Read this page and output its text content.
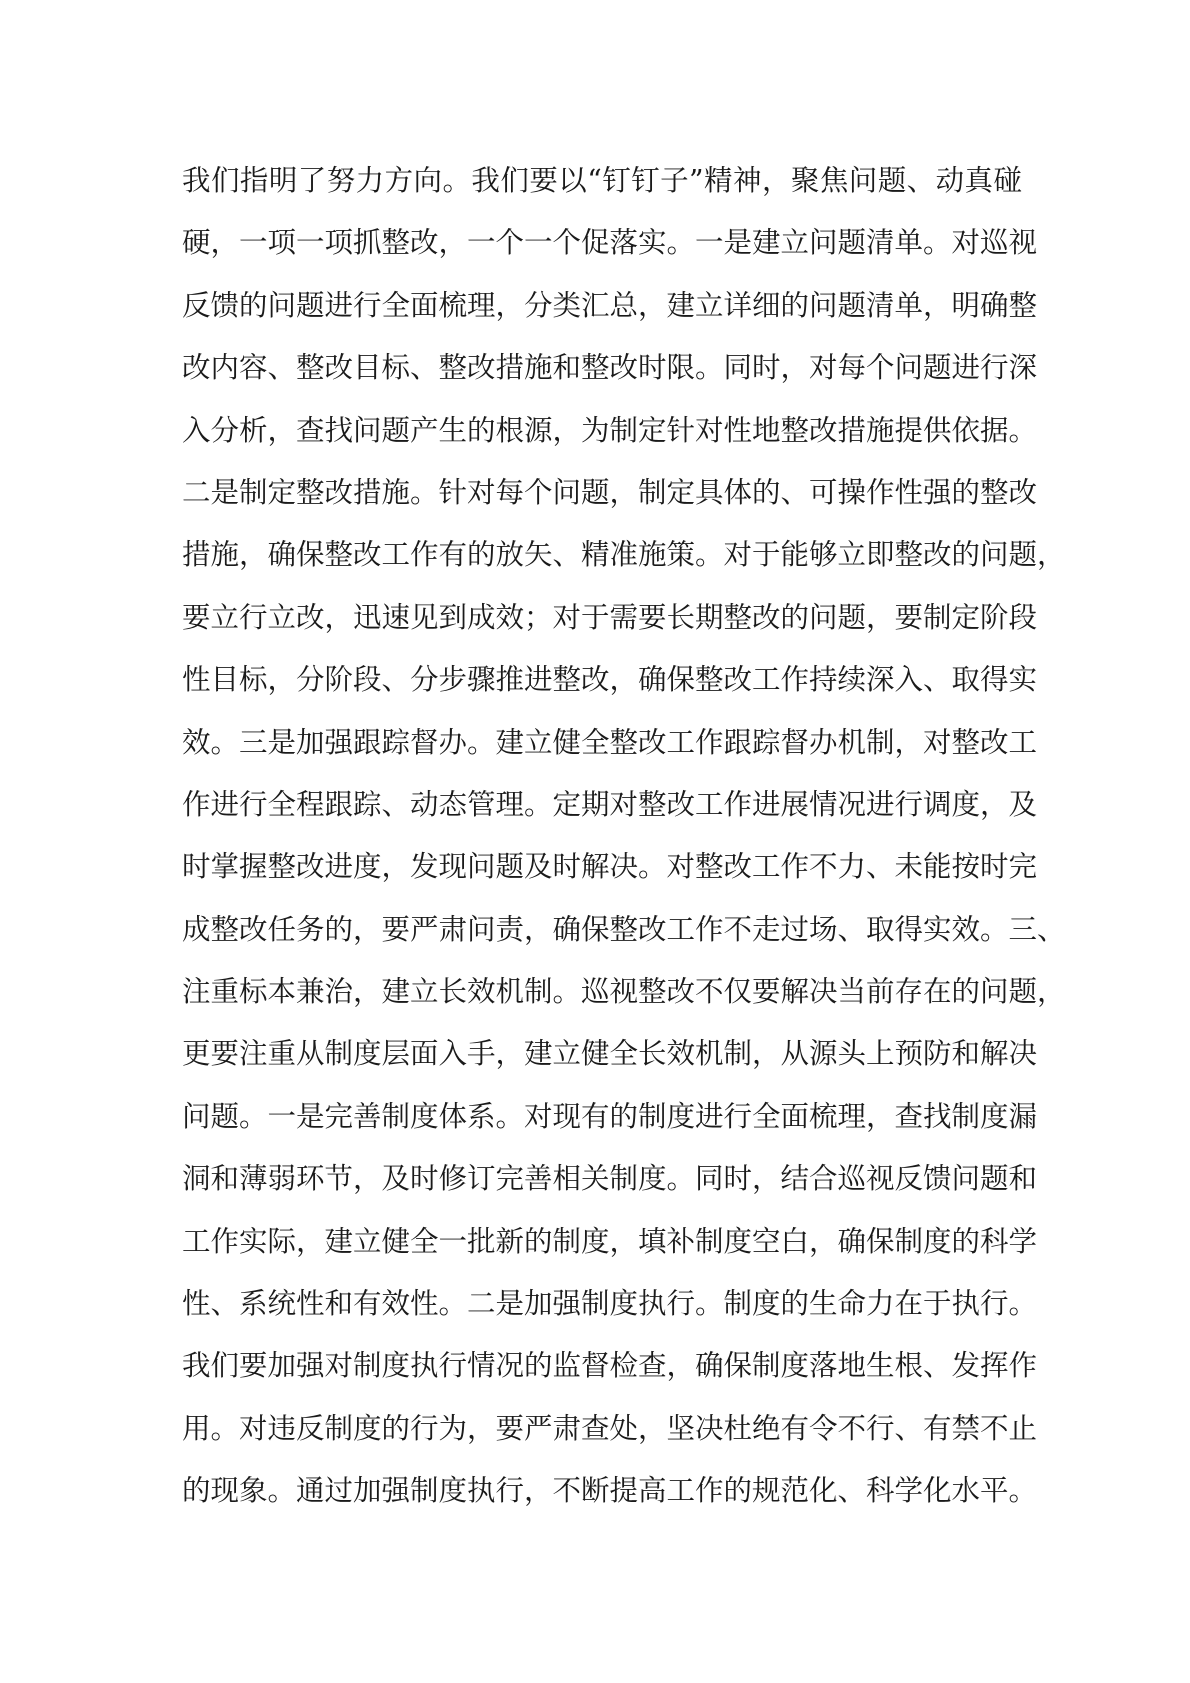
我们指明了努力方向。我们要以“钉钉子”精神，聚焦问题、动真碰
硬，一项一项抓整改，一个一个促落实。一是建立问题清单。对巡视
反馈的问题进行全面梳理，分类汇总，建立详细的问题清单，明确整
改内容、整改目标、整改措施和整改时限。同时，对每个问题进行深
入分析，查找问题产生的根源，为制定针对性地整改措施提供依据。
二是制定整改措施。针对每个问题，制定具体的、可操作性强的整改
措施，确保整改工作有的放矢、精准施策。对于能够立即整改的问题，
要立行立改，迅速见到成效；对于需要长期整改的问题，要制定阶段
性目标，分阶段、分步骤推进整改，确保整改工作持续深入、取得实
效。三是加强跟踪督办。建立健全整改工作跟踪督办机制，对整改工
作进行全程跟踪、动态管理。定期对整改工作进展情况进行调度，及
时掌握整改进度，发现问题及时解决。对整改工作不力、未能按时完
成整改任务的，要严肃问责，确保整改工作不走过场、取得实效。三、
注重标本兼治，建立长效机制。巡视整改不仅要解决当前存在的问题，
更要注重从制度层面入手，建立健全长效机制，从源头上预防和解决
问题。一是完善制度体系。对现有的制度进行全面梳理，查找制度漏
洞和薄弱环节，及时修订完善相关制度。同时，结合巡视反馈问题和
工作实际，建立健全一批新的制度，填补制度空白，确保制度的科学
性、系统性和有效性。二是加强制度执行。制度的生命力在于执行。
我们要加强对制度执行情况的监督检查，确保制度落地生根、发挥作
用。对违反制度的行为，要严肃查处，坚决杜绝有令不行、有禁不止
的现象。通过加强制度执行，不断提高工作的规范化、科学化水平。
